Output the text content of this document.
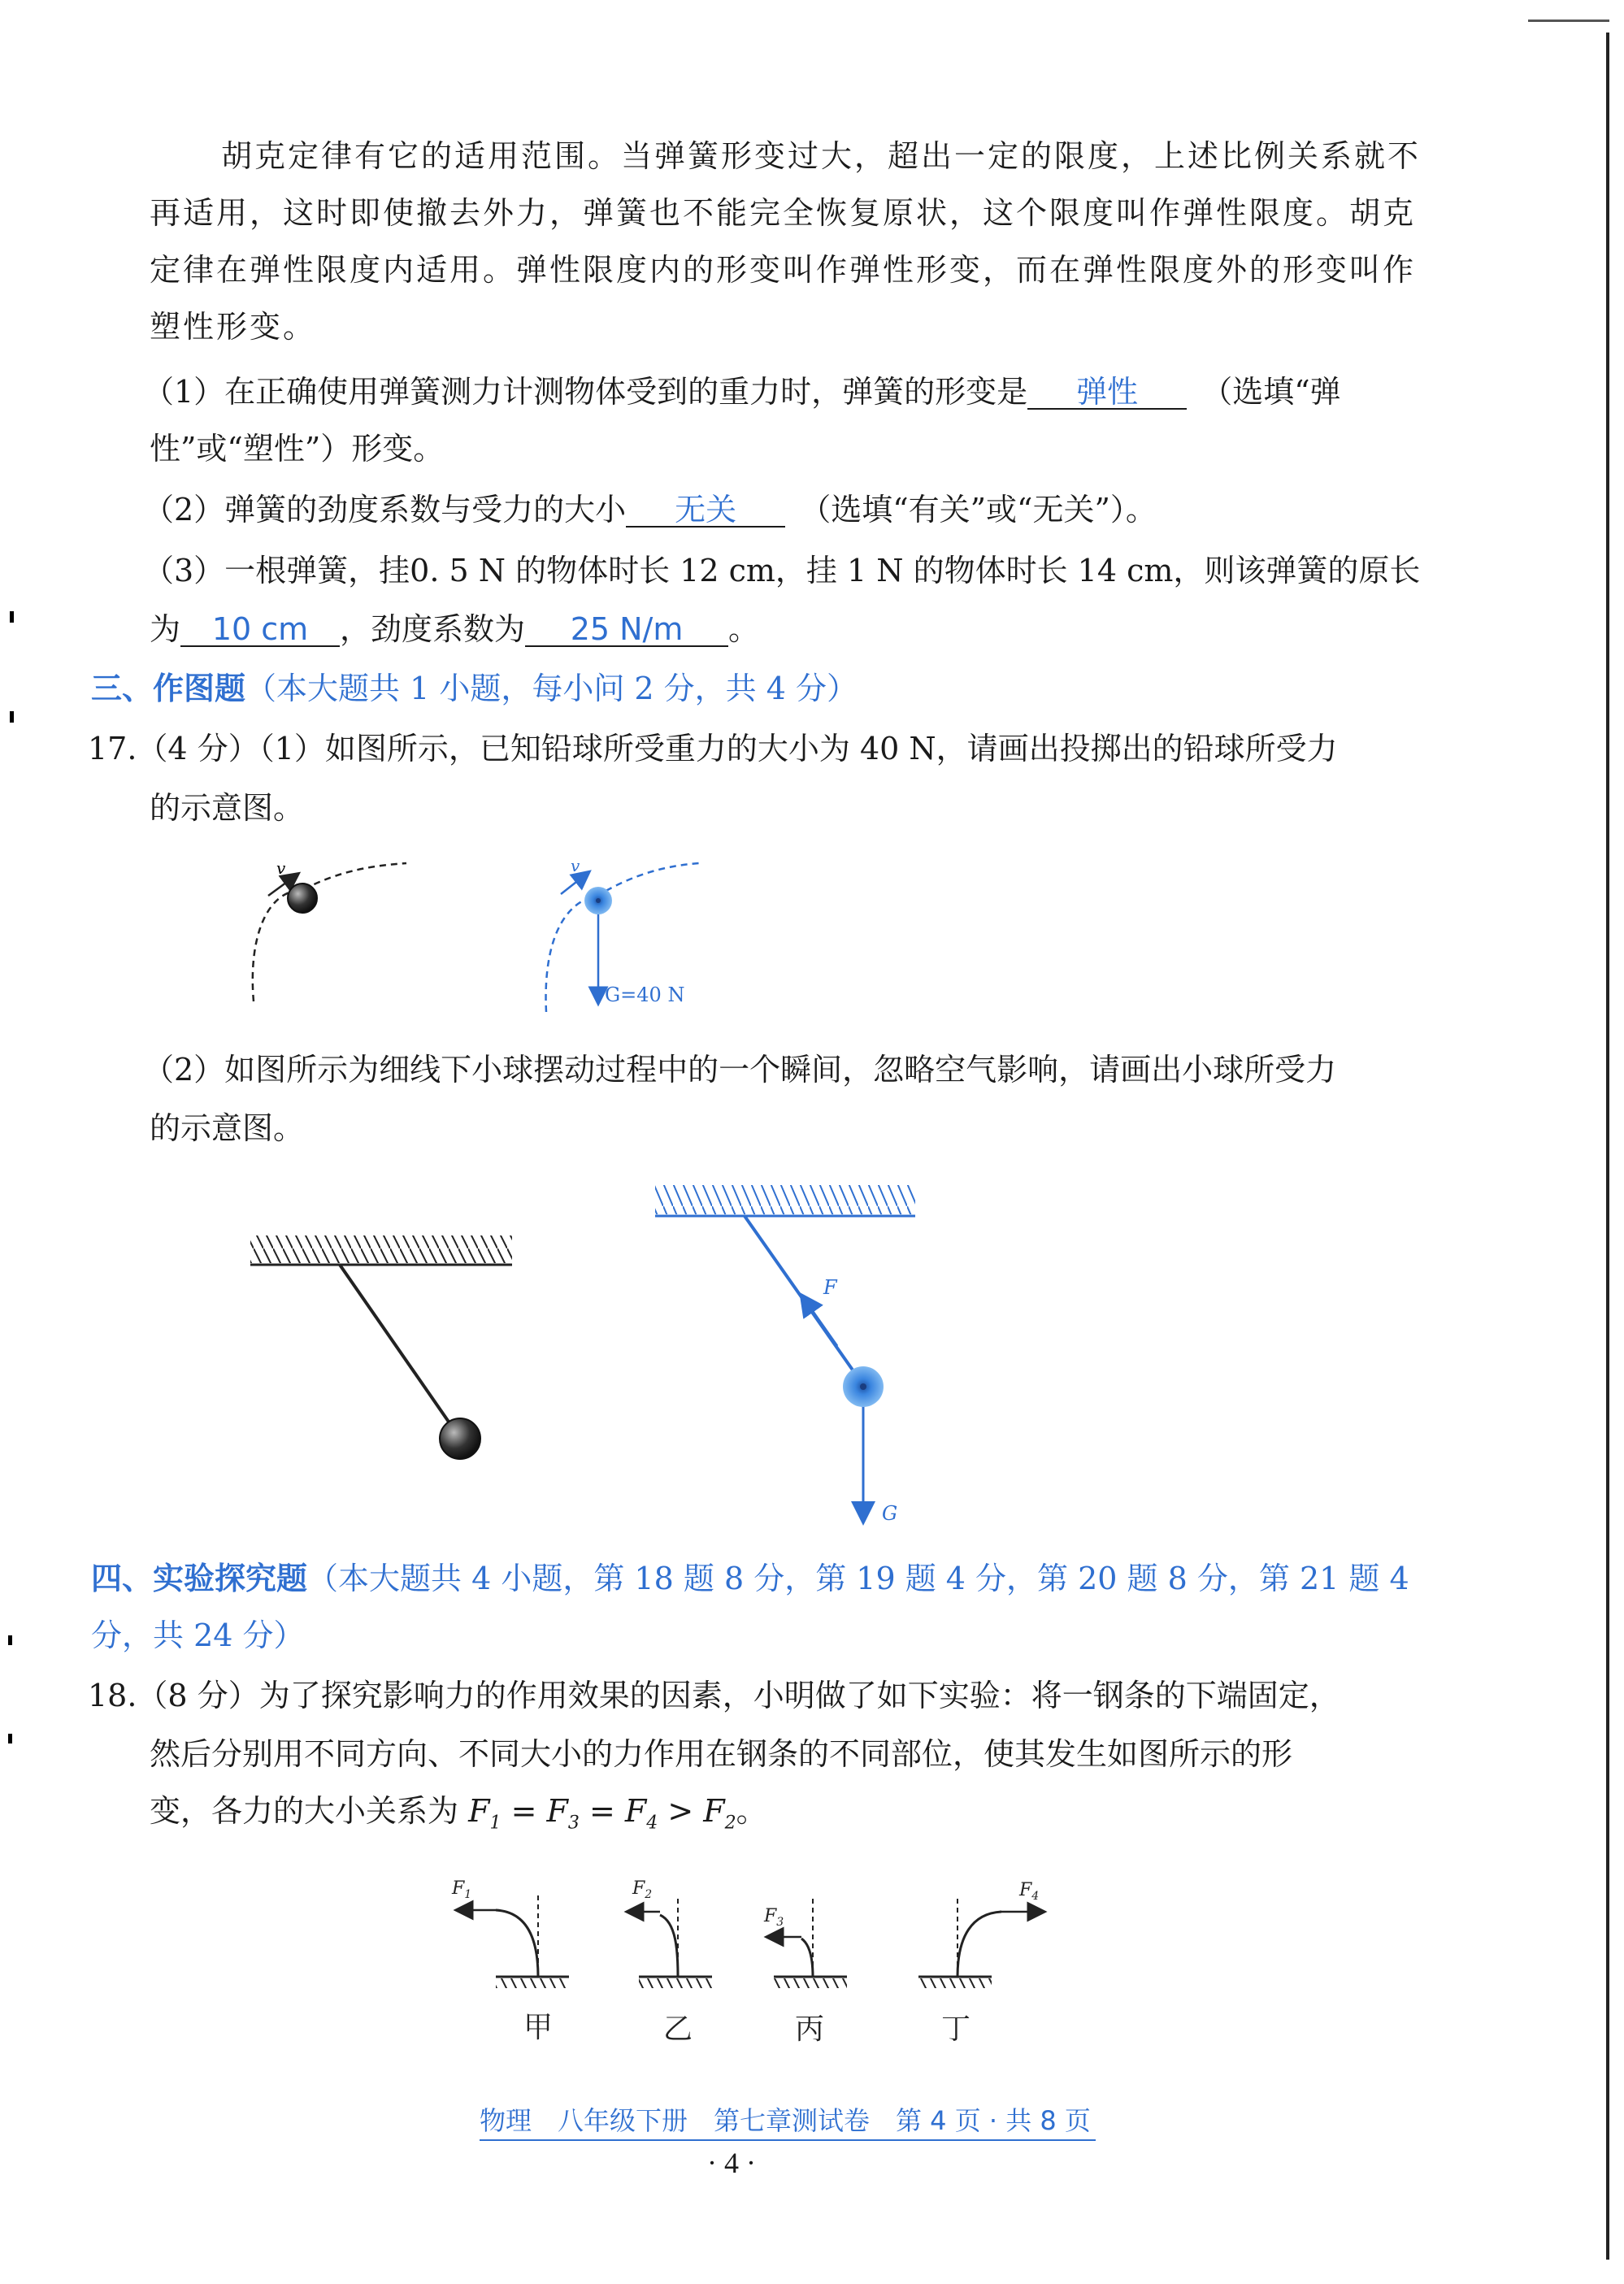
胡克定律有它的适用范围。当弹簧形变过大，超出一定的限度，上述比例关系就不
再适用，这时即使撤去外力，弹簧也不能完全恢复原状，这个限度叫作弹性限度。胡克
定律在弹性限度内适用。弹性限度内的形变叫作弹性形变，而在弹性限度外的形变叫作
塑性形变。
（1）在正确使用弹簧测力计测物体受到的重力时，弹簧的形变是 弹性 （选填“弹
性”或“塑性”）形变。
（2）弹簧的劲度系数与受力的大小 无关 （选填“有关”或“无关”）。
（3）一根弹簧，挂0. 5 N 的物体时长 12 cm，挂 1 N 的物体时长 14 cm，则该弹簧的原长
为 10 cm ，劲度系数为 25 N/m 。
三、作图题（本大题共 1 小题，每小问 2 分，共 4 分）
17.（4 分）（1）如图所示，已知铅球所受重力的大小为 40 N，请画出投掷出的铅球所受力
的示意图。
v	v
G=40 N
F
G
$F_1$	$F_2$
$F_3$
$F_4$
甲	乙	丙	丁
（2）如图所示为细线下小球摆动过程中的一个瞬间，忽略空气影响，请画出小球所受力
的示意图。
四、实验探究题（本大题共 4 小题，第 18 题 8 分，第 19 题 4 分，第 20 题 8 分，第 21 题 4
分，共 24 分）
18.（8 分）为了探究影响力的作用效果的因素，小明做了如下实验：将一钢条的下端固定，
然后分别用不同方向、不同大小的力作用在钢条的不同部位，使其发生如图所示的形
变，各力的大小关系为 $F_1 = F_3 = F_4 > F_2$。
物理　八年级下册　第七章测试卷　第 4 页 · 共 8 页
· 4 ·
